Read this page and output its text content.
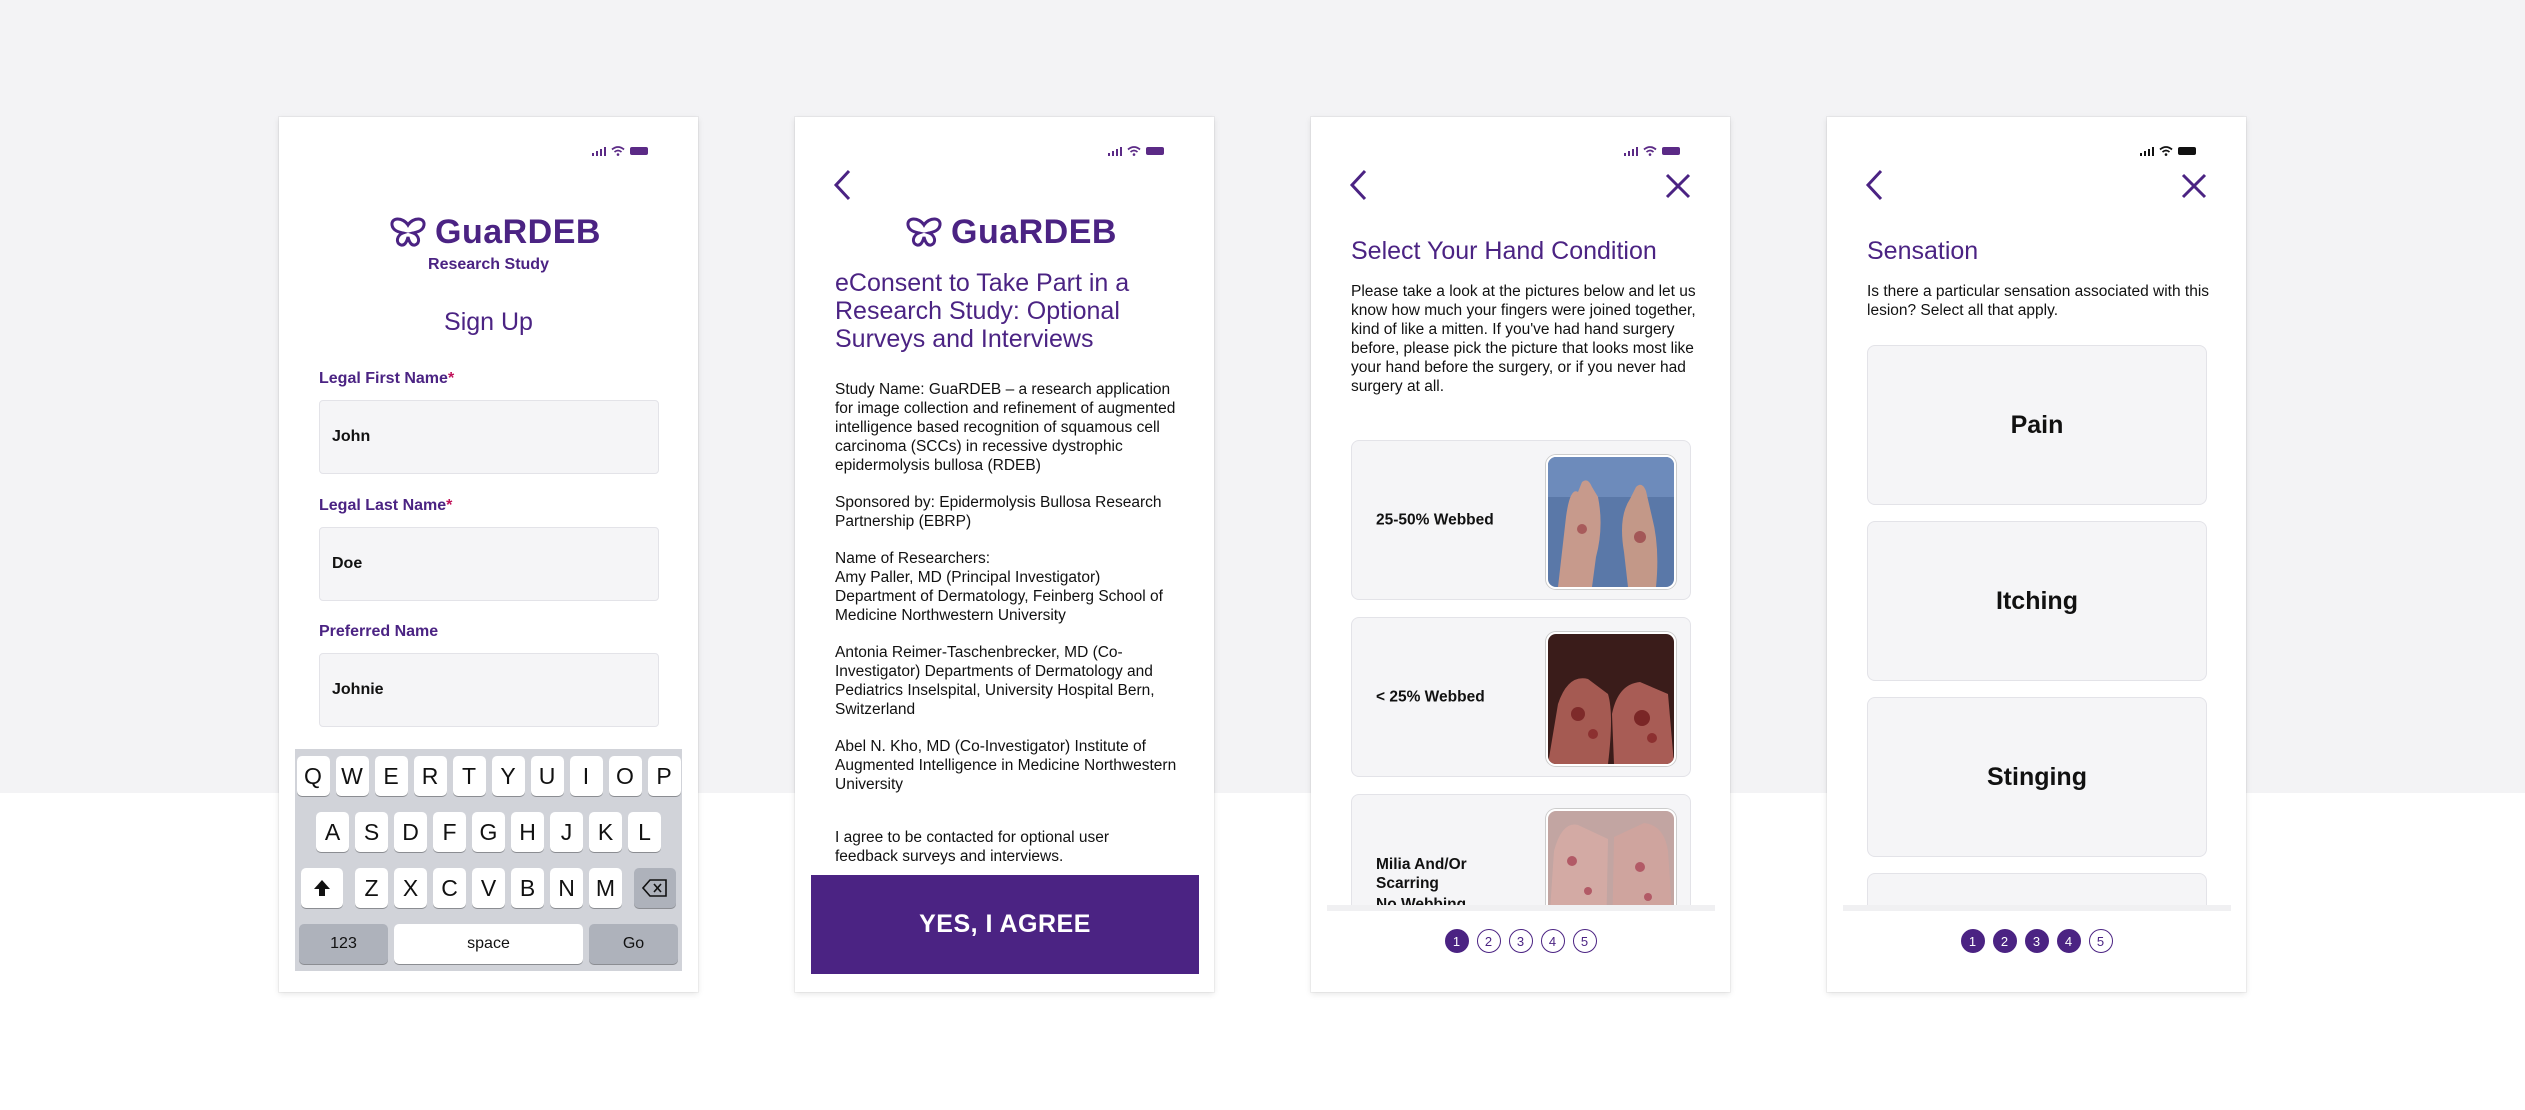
GuaRDEB
Research Study
Sign Up
Legal First Name*
John
Legal Last Name*
Doe
Preferred Name
Johnie
Q W E	R	T	Y	U	I	O P
A	S	D	F	G H	J	K	L
Z	X	C	V	B	N M
123	space	Go
GuaRDEB
eConsent to Take Part in a Research Study: Optional Surveys and Interviews

Study Name: GuaRDEB – a research application for image collection and refinement of augmented intelligence based recognition of squamous cell carcinoma (SCCs) in recessive dystrophic epidermolysis bullosa (RDEB)

Sponsored by: Epidermolysis Bullosa Research Partnership (EBRP)

Name of Researchers:
Amy Paller, MD (Principal Investigator) Department of Dermatology, Feinberg School of Medicine Northwestern University

Antonia Reimer-Taschenbrecker, MD (Co-Investigator) Departments of Dermatology and Pediatrics Inselspital, University Hospital Bern, Switzerland

Abel N. Kho, MD (Co-Investigator) Institute of Augmented Intelligence in Medicine Northwestern University

I agree to be contacted for optional user feedback surveys and interviews.
YES, I AGREE
Select Your Hand Condition
Please take a look at the pictures below and let us know how much your fingers were joined together, kind of like a mitten. If you've had hand surgery before, please pick the picture that looks most like your hand before the surgery, or if you never had surgery at all.
25-50% Webbed
< 25% Webbed
Milia And/Or Scarring
1	2	3	4	5
Sensation
Is there a particular sensation associated with this lesion? Select all that apply.
Pain
Itching
Stinging
1	2	3	4	5
